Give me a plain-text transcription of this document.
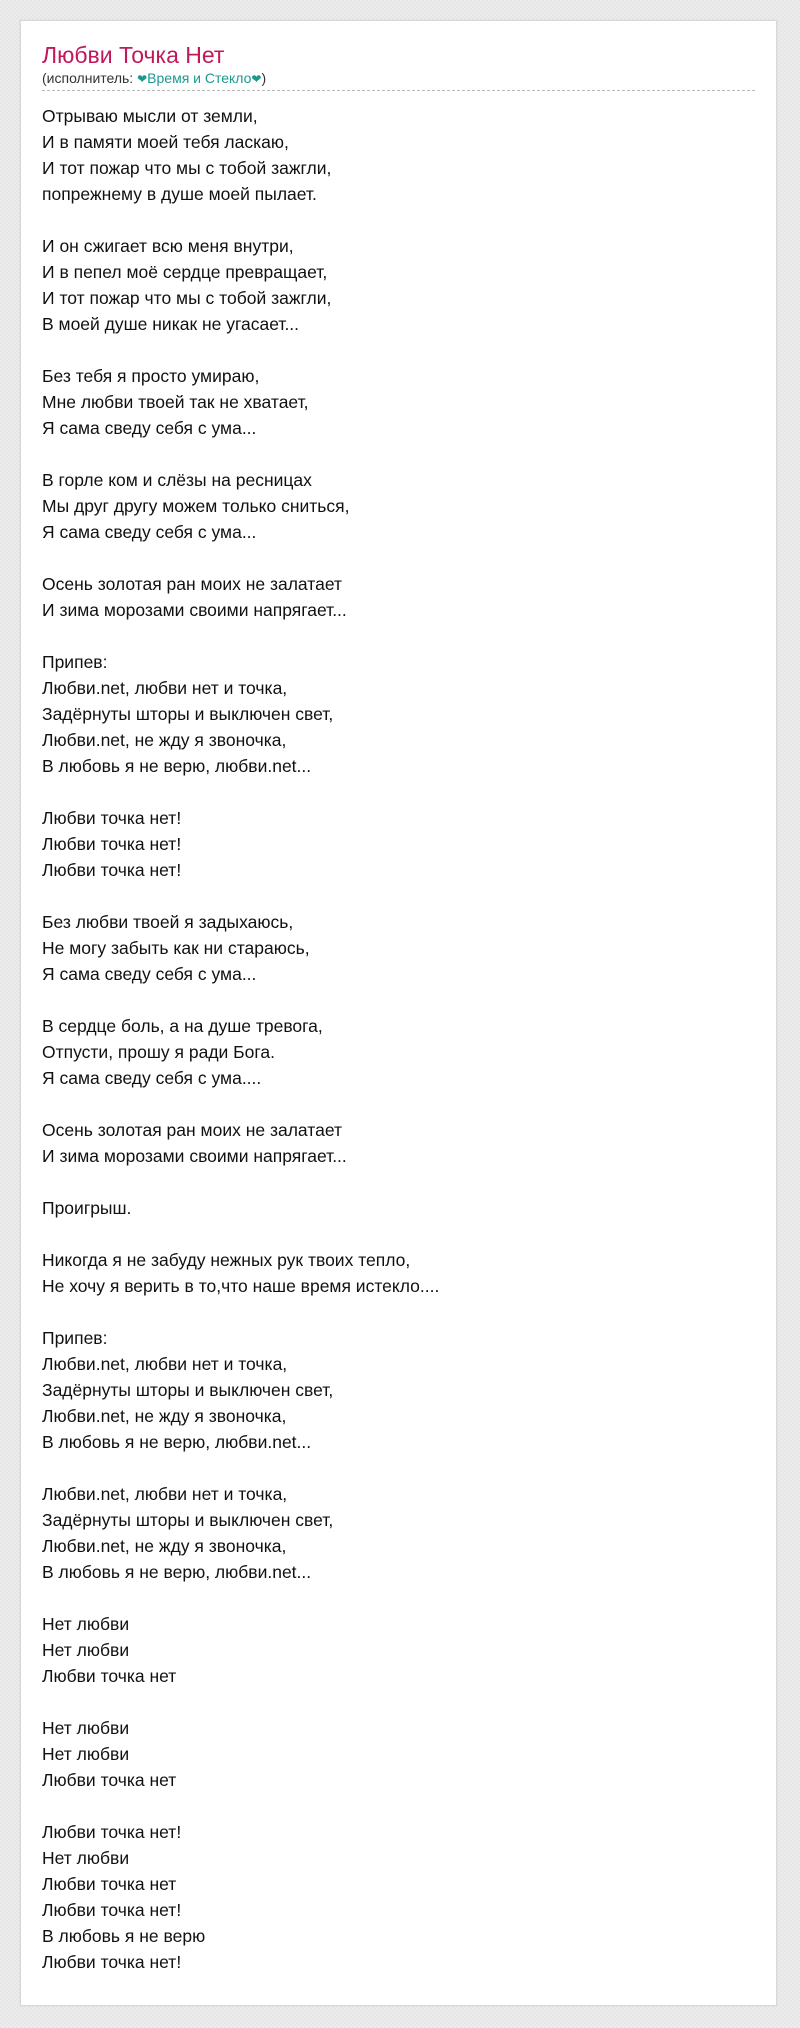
Любви Точка Нет
(исполнитель: ❤Время и Стекло❤)
Отрываю мысли от земли,
И в памяти моей тебя ласкаю,
И тот пожар что мы с тобой зажгли,
попрежнему в душе моей пылает.
И он сжигает всю меня внутри,
И в пепел моё сердце превращает,
И тот пожар что мы с тобой зажгли,
В моей душе никак не угасает...
Без тебя я просто умираю,
Мне любви твоей так не хватает,
Я сама сведу себя с ума...
В горле ком и слёзы на ресницах
Мы друг другу можем только сниться,
Я сама сведу себя с ума...
Осень золотая ран моих не залатает
И зима морозами своими напрягает...
Припев:
Любви.net, любви нет и точка,
Задёрнуты шторы и выключен свет,
Любви.net, не жду я звоночка,
В любовь я не верю, любви.net...
Любви точка нет!
Любви точка нет!
Любви точка нет!
Без любви твоей я задыхаюсь,
Не могу забыть как ни стараюсь,
Я сама сведу себя с ума...
В сердце боль, а на душе тревога,
Отпусти, прошу я ради Бога.
Я сама сведу себя с ума....
Осень золотая ран моих не залатает
И зима морозами своими напрягает...
Проигрыш.
Никогда я не забуду нежных рук твоих тепло,
Не хочу я верить в то,что наше время истекло....
Припев:
Любви.net, любви нет и точка,
Задёрнуты шторы и выключен свет,
Любви.net, не жду я звоночка,
В любовь я не верю, любви.net...
Любви.net, любви нет и точка,
Задёрнуты шторы и выключен свет,
Любви.net, не жду я звоночка,
В любовь я не верю, любви.net...
Нет любви
Нет любви
Любви точка нет
Нет любви
Нет любви
Любви точка нет
Любви точка нет!
Нет любви
Любви точка нет
Любви точка нет!
В любовь я не верю
Любви точка нет!
